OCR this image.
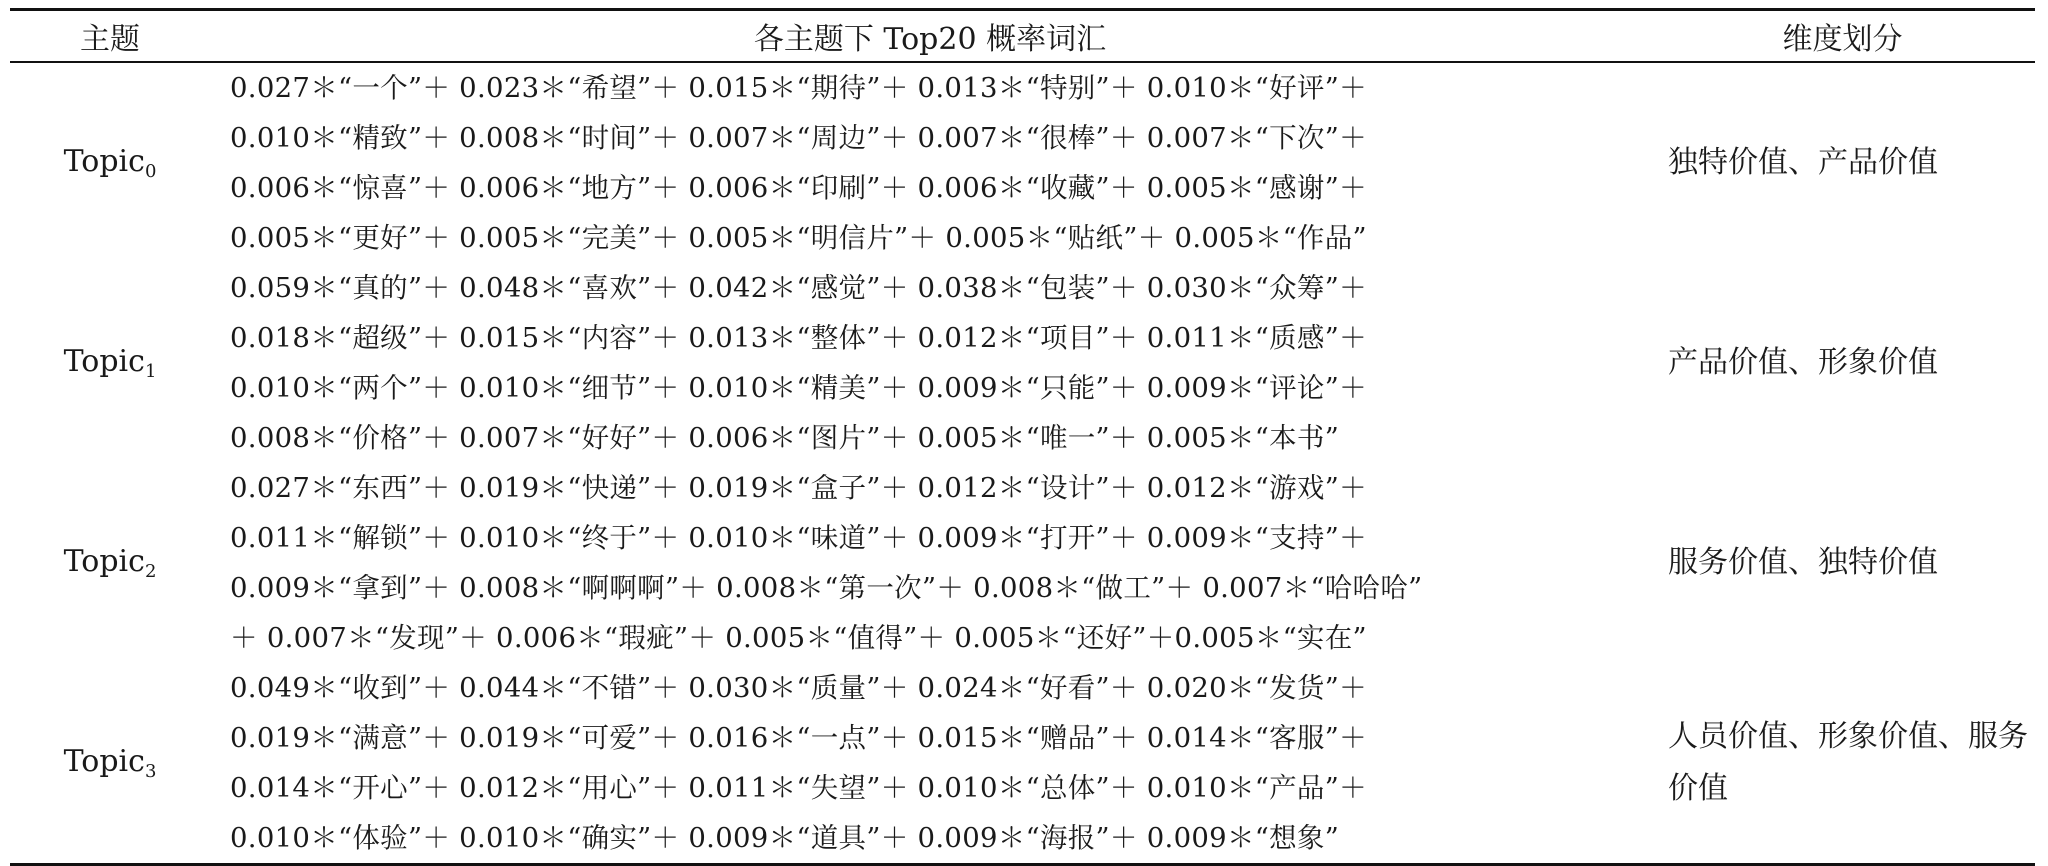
主题	各主题下 Top20 概率词汇	维度划分
Topic$_0$
0.027＊“一个”＋ 0.023＊“希望”＋ 0.015＊“期待”＋ 0.013＊“特别”＋ 0.010＊“好评”＋
0.010＊“精致”＋ 0.008＊“时间”＋ 0.007＊“周边”＋ 0.007＊“很棒”＋ 0.007＊“下次”＋
0.006＊“惊喜”＋ 0.006＊“地方”＋ 0.006＊“印刷”＋ 0.006＊“收藏”＋ 0.005＊“感谢”＋
0.005＊“更好”＋ 0.005＊“完美”＋ 0.005＊“明信片”＋ 0.005＊“贴纸”＋ 0.005＊“作品”
独特价值、产品价值
Topic$_1$
0.059＊“真的”＋ 0.048＊“喜欢”＋ 0.042＊“感觉”＋ 0.038＊“包装”＋ 0.030＊“众筹”＋
0.018＊“超级”＋ 0.015＊“内容”＋ 0.013＊“整体”＋ 0.012＊“项目”＋ 0.011＊“质感”＋
0.010＊“两个”＋ 0.010＊“细节”＋ 0.010＊“精美”＋ 0.009＊“只能”＋ 0.009＊“评论”＋
0.008＊“价格”＋ 0.007＊“好好”＋ 0.006＊“图片”＋ 0.005＊“唯一”＋ 0.005＊“本书”
产品价值、形象价值
Topic$_2$
0.027＊“东西”＋ 0.019＊“快递”＋ 0.019＊“盒子”＋ 0.012＊“设计”＋ 0.012＊“游戏”＋
0.011＊“解锁”＋ 0.010＊“终于”＋ 0.010＊“味道”＋ 0.009＊“打开”＋ 0.009＊“支持”＋
0.009＊“拿到”＋ 0.008＊“啊啊啊”＋ 0.008＊“第一次”＋ 0.008＊“做工”＋ 0.007＊“哈哈哈”
＋ 0.007＊“发现”＋ 0.006＊“瑕疵”＋ 0.005＊“值得”＋ 0.005＊“还好”＋0.005＊“实在”
服务价值、独特价值
Topic$_3$
0.049＊“收到”＋ 0.044＊“不错”＋ 0.030＊“质量”＋ 0.024＊“好看”＋ 0.020＊“发货”＋
0.019＊“满意”＋ 0.019＊“可爱”＋ 0.016＊“一点”＋ 0.015＊“赠品”＋ 0.014＊“客服”＋
0.014＊“开心”＋ 0.012＊“用心”＋ 0.011＊“失望”＋ 0.010＊“总体”＋ 0.010＊“产品”＋
0.010＊“体验”＋ 0.010＊“确实”＋ 0.009＊“道具”＋ 0.009＊“海报”＋ 0.009＊“想象”
人员价值、形象价值、服务价值
